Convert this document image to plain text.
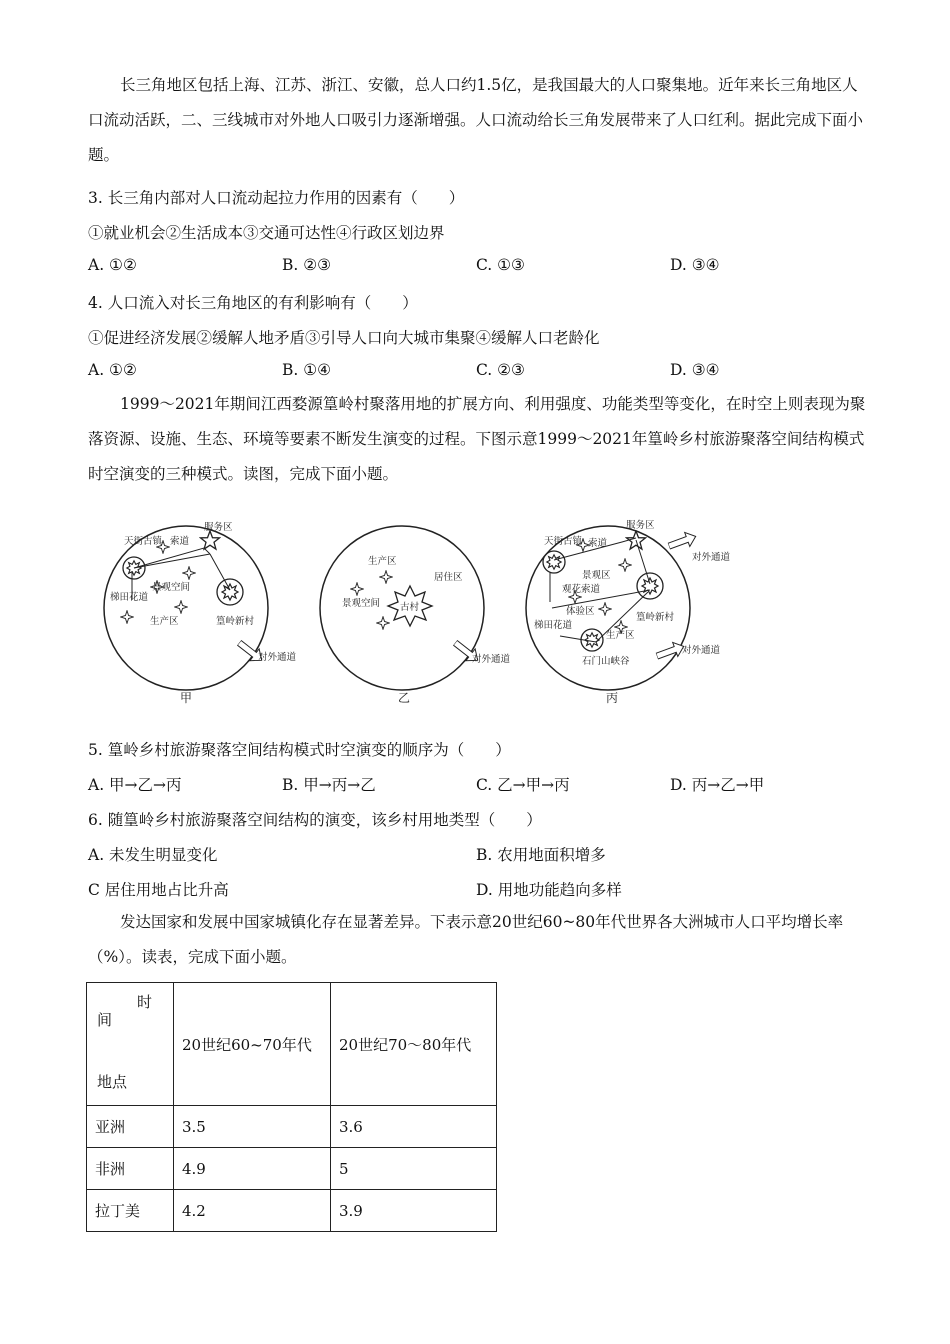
长三角地区包括上海、江苏、浙江、安徽，总人口约1.5亿，是我国最大的人口聚集地。近年来长三角地区人口流动活跃，二、三线城市对外地人口吸引力逐渐增强。人口流动给长三角发展带来了人口红利。据此完成下面小题。

3. 长三角内部对人口流动起拉力作用的因素有（　　）

①就业机会②生活成本③交通可达性④行政区划边界

A. ①②	B. ②③	C. ①③	D. ③④

4. 人口流入对长三角地区的有利影响有（　　）

①促进经济发展②缓解人地矛盾③引导人口向大城市集聚④缓解人口老龄化

A. ①②	B. ①④	C. ②③	D. ③④

1999～2021年期间江西婺源篁岭村聚落用地的扩展方向、利用强度、功能类型等变化，在时空上则表现为聚落资源、设施、生态、环境等要素不断发生演变的过程。下图示意1999～2021年篁岭乡村旅游聚落空间结构模式时空演变的三种模式。读图，完成下面小题。

天街古镇 索道
服务区
景观空间
梯田花道
生产区	篁岭新村
对外通道
甲
生产区
居住区
景观空间 古村
对外通道
乙
服务区
天街古镇 索道
对外通道
景观区
观花索道
体验区
篁岭新村
梯田花道
生产区
石门山峡谷
对外通道
丙

5. 篁岭乡村旅游聚落空间结构模式时空演变的顺序为（　　）

A. 甲→乙→丙	B. 甲→丙→乙	C. 乙→甲→丙	D. 丙→乙→甲

6. 随篁岭乡村旅游聚落空间结构的演变，该乡村用地类型（　　）

A. 未发生明显变化	B. 农用地面积增多
C 居住用地占比升高	D. 用地功能趋向多样

发达国家和发展中国家城镇化存在显著差异。下表示意20世纪60~80年代世界各大洲城市人口平均增长率（%）。读表，完成下面小题。

时
间
地点	20世纪60~70年代	20世纪70～80年代
亚洲	3.5	3.6
非洲	4.9	5
拉丁美	4.2	3.9
